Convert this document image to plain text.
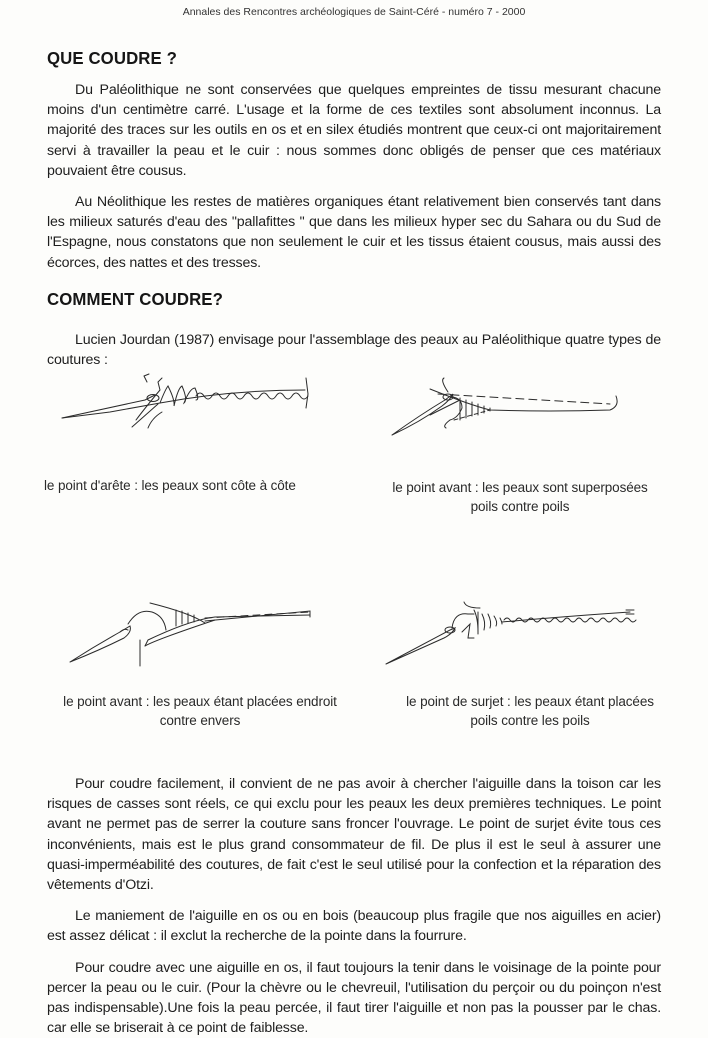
Annales des Rencontres archéologiques de Saint-Céré - numéro 7 - 2000
QUE COUDRE ?

Du Paléolithique ne sont conservées que quelques empreintes de tissu mesurant chacune moins d'un centimètre carré. L'usage et la forme de ces textiles sont absolument inconnus. La majorité des traces sur les outils en os et en silex étudiés montrent que ceux-ci ont majoritairement servi à travailler la peau et le cuir : nous sommes donc obligés de penser que ces matériaux pouvaient être cousus.

Au Néolithique les restes de matières organiques étant relativement bien conservés tant dans les milieux saturés d'eau des "pallafittes " que dans les milieux hyper sec du Sahara ou du Sud de l'Espagne, nous constatons que non seulement le cuir et les tissus étaient cousus, mais aussi des écorces, des nattes et des tresses.

COMMENT COUDRE?

Lucien Jourdan (1987) envisage pour l'assemblage des peaux au Paléolithique quatre types de coutures :

le point d'arête : les peaux sont côte à côte	le point avant : les peaux sont superposées
poils contre poils
le point avant : les peaux étant placées endroit
contre envers
le point de surjet : les peaux étant placées
poils contre les poils

Pour coudre facilement, il convient de ne pas avoir à chercher l'aiguille dans la toison car les risques de casses sont réels, ce qui exclu pour les peaux les deux premières techniques. Le point avant ne permet pas de serrer la couture sans froncer l'ouvrage. Le point de surjet évite tous ces inconvénients, mais est le plus grand consommateur de fil. De plus il est le seul à assurer une quasi-imperméabilité des coutures, de fait c'est le seul utilisé pour la confection et la réparation des vêtements d'Otzi.

Le maniement de l'aiguille en os ou en bois (beaucoup plus fragile que nos aiguilles en acier) est assez délicat : il exclut la recherche de la pointe dans la fourrure.

Pour coudre avec une aiguille en os, il faut toujours la tenir dans le voisinage de la pointe pour percer la peau ou le cuir. (Pour la chèvre ou le chevreuil, l'utilisation du perçoir ou du poinçon n'est pas indispensable).Une fois la peau percée, il faut tirer l'aiguille et non pas la pousser par le chas. car elle se briserait à ce point de faiblesse.
